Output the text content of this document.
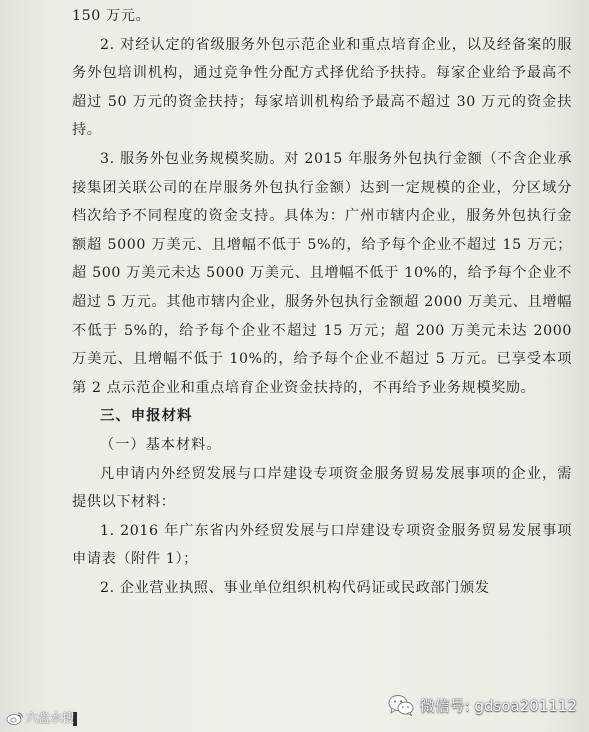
150 万元。

2. 对经认定的省级服务外包示范企业和重点培育企业，以及经备案的服务外包培训机构，通过竞争性分配方式择优给予扶持。每家企业给予最高不超过 50 万元的资金扶持；每家培训机构给予最高不超过 30 万元的资金扶持。

3. 服务外包业务规模奖励。对 2015 年服务外包执行金额（不含企业承接集团关联公司的在岸服务外包执行金额）达到一定规模的企业，分区域分档次给予不同程度的资金支持。具体为：广州市辖内企业，服务外包执行金额超 5000 万美元、且增幅不低于 5%的，给予每个企业不超过 15 万元；超 500 万美元未达 5000 万美元、且增幅不低于 10%的，给予每个企业不超过 5 万元。其他市辖内企业，服务外包执行金额超 2000 万美元、且增幅不低于 5%的，给予每个企业不超过 15 万元；超 200 万美元未达 2000 万美元、且增幅不低于 10%的，给予每个企业不超过 5 万元。已享受本项第 2 点示范企业和重点培育企业资金扶持的，不再给予业务规模奖励。

三、申报材料

（一）基本材料。

凡申请内外经贸发展与口岸建设专项资金服务贸易发展事项的企业，需提供以下材料：

1. 2016 年广东省内外经贸发展与口岸建设专项资金服务贸易发展事项申请表（附件 1）；

2. 企业营业执照、事业单位组织机构代码证或民政部门颁发

六盘水搜
微信号: gdsoa201112
